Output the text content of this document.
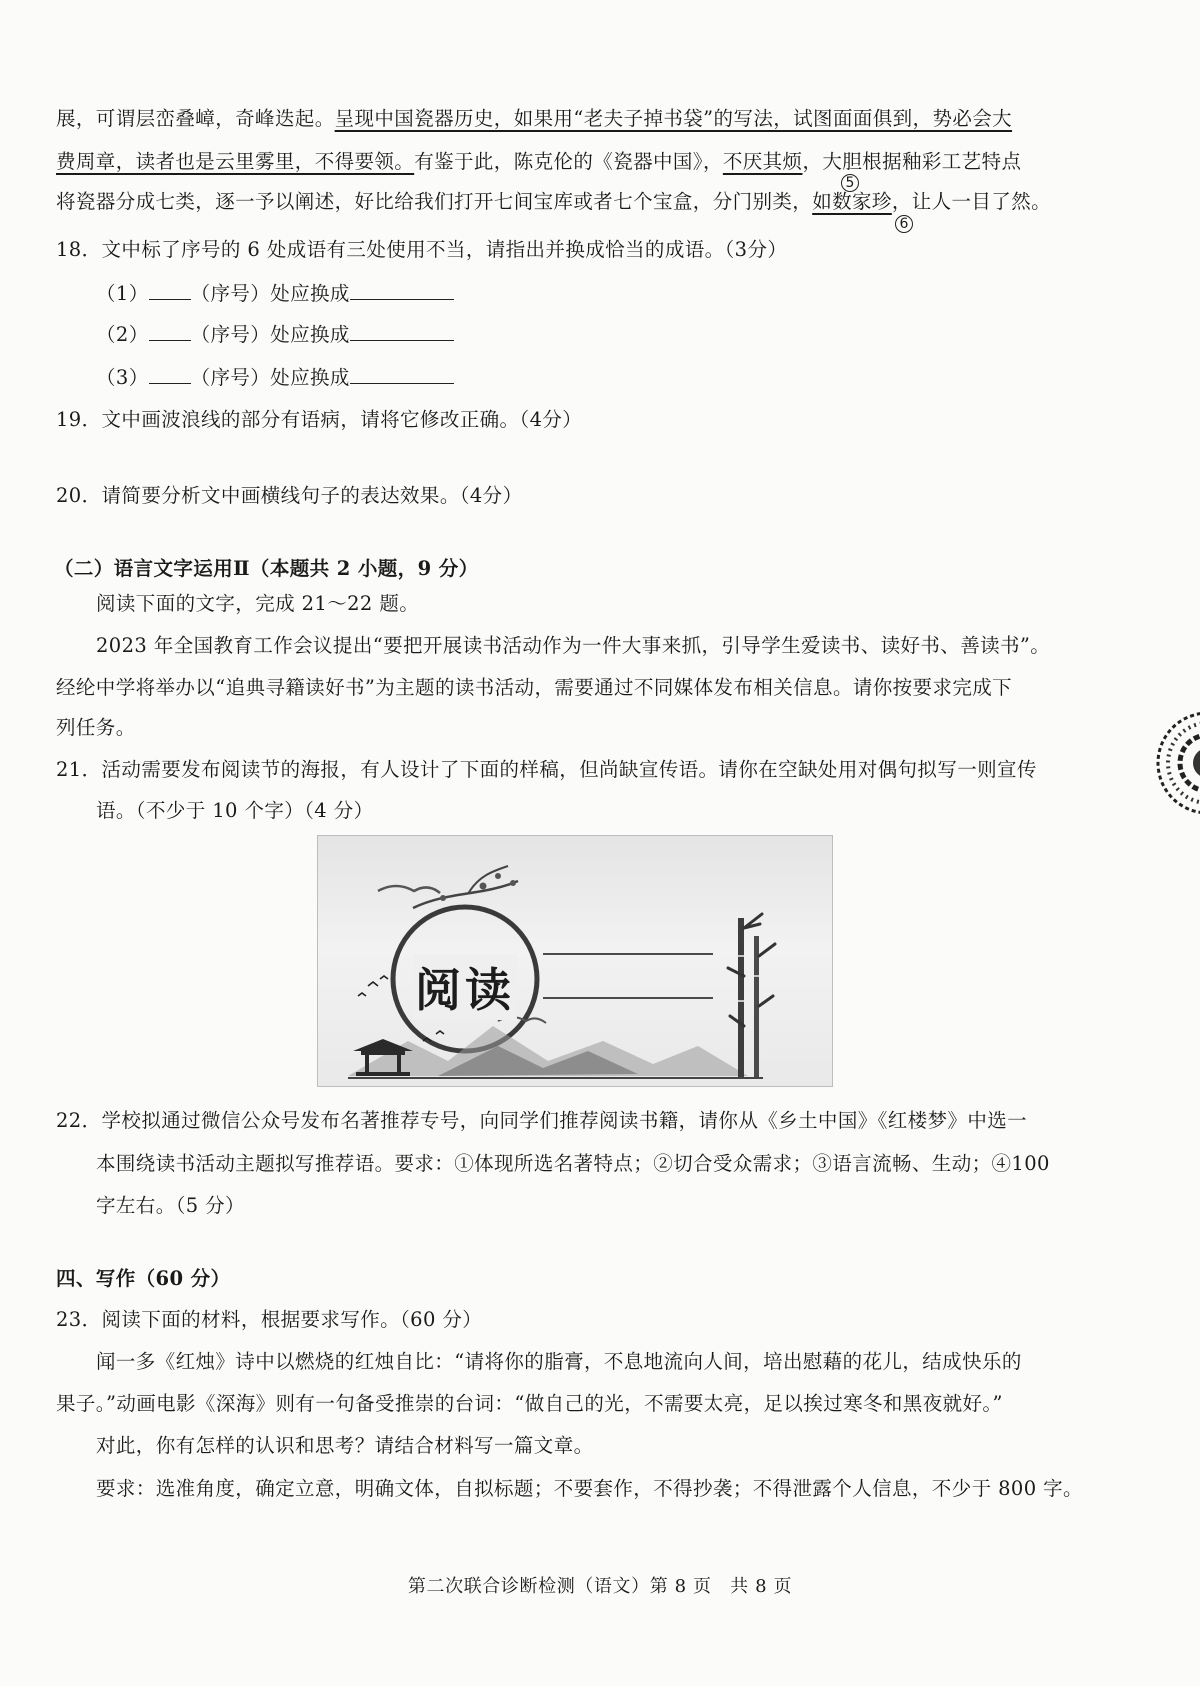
展，可谓层峦叠嶂，奇峰迭起。呈现中国瓷器历史，如果用“老夫子掉书袋”的写法，试图面面俱到，势必会大
费周章，读者也是云里雾里，不得要领。有鉴于此，陈克伦的《瓷器中国》，不厌其烦，大胆根据釉彩工艺特点
5
将瓷器分成七类，逐一予以阐述，好比给我们打开七间宝库或者七个宝盒，分门别类，如数家珍，让人一目了然。
6
18．文中标了序号的 6 处成语有三处使用不当，请指出并换成恰当的成语。（3分）
（1） （序号）处应换成
（2） （序号）处应换成
（3） （序号）处应换成
19．文中画波浪线的部分有语病，请将它修改正确。（4分）
20．请简要分析文中画横线句子的表达效果。（4分）
（二）语言文字运用Ⅱ（本题共 2 小题，9 分）
阅读下面的文字，完成 21～22 题。
2023 年全国教育工作会议提出“要把开展读书活动作为一件大事来抓，引导学生爱读书、读好书、善读书”。
经纶中学将举办以“追典寻籍读好书”为主题的读书活动，需要通过不同媒体发布相关信息。请你按要求完成下
列任务。
21．活动需要发布阅读节的海报，有人设计了下面的样稿，但尚缺宣传语。请你在空缺处用对偶句拟写一则宣传
语。（不少于 10 个字）（4 分）
阅读
22．学校拟通过微信公众号发布名著推荐专号，向同学们推荐阅读书籍，请你从《乡土中国》《红楼梦》中选一
本围绕读书活动主题拟写推荐语。要求：①体现所选名著特点；②切合受众需求；③语言流畅、生动；④100
字左右。（5 分）
四、写作（60 分）
23．阅读下面的材料，根据要求写作。（60 分）
闻一多《红烛》诗中以燃烧的红烛自比：“请将你的脂膏，不息地流向人间，培出慰藉的花儿，结成快乐的
果子。”动画电影《深海》则有一句备受推崇的台词：“做自己的光，不需要太亮，足以挨过寒冬和黑夜就好。”
对此，你有怎样的认识和思考？请结合材料写一篇文章。
要求：选准角度，确定立意，明确文体，自拟标题；不要套作，不得抄袭；不得泄露个人信息，不少于 800 字。
第二次联合诊断检测（语文）第 8 页　共 8 页
